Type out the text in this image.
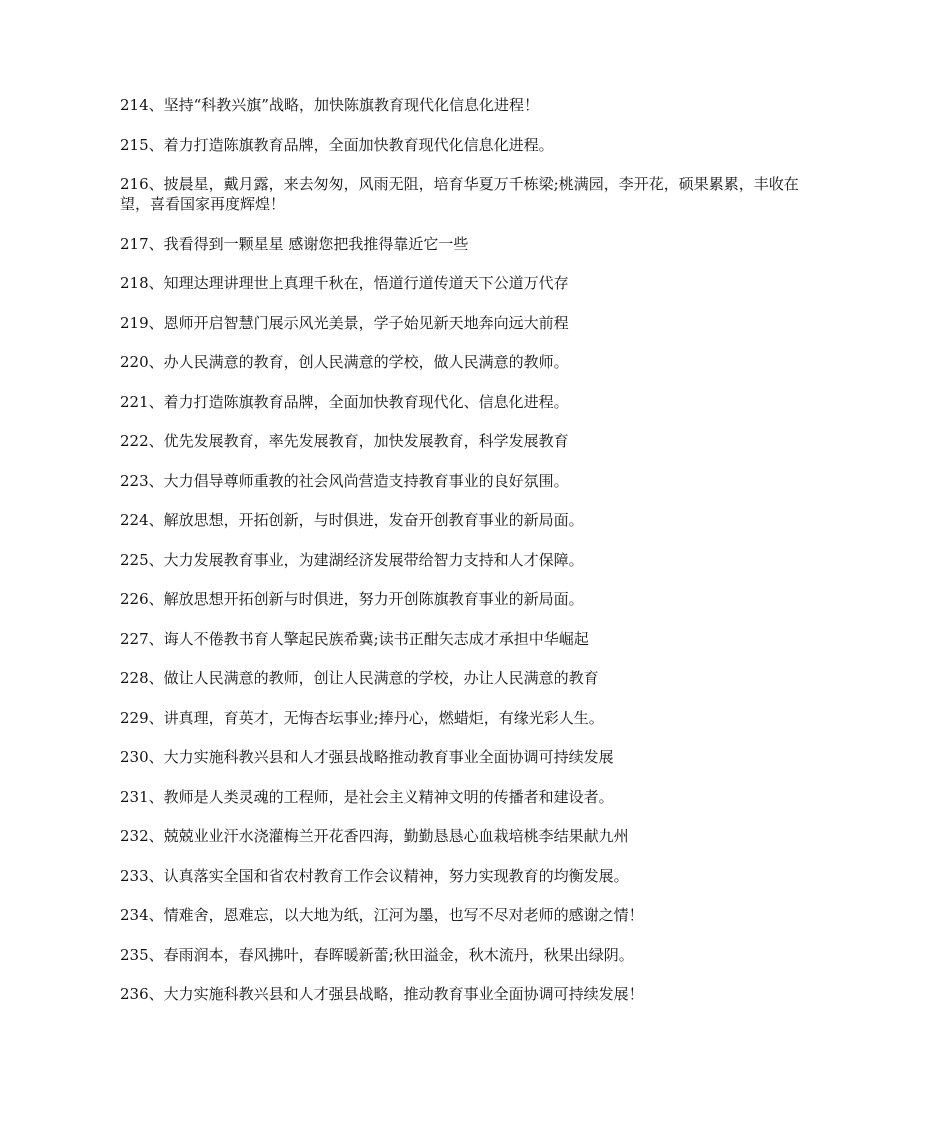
214、坚持“科教兴旗”战略，加快陈旗教育现代化信息化进程！

215、着力打造陈旗教育品牌，全面加快教育现代化信息化进程。

216、披晨星，戴月露，来去匆匆，风雨无阻，培育华夏万千栋梁;桃满园，李开花，硕果累累，丰收在望，喜看国家再度辉煌！

217、我看得到一颗星星 感谢您把我推得靠近它一些

218、知理达理讲理世上真理千秋在，悟道行道传道天下公道万代存

219、恩师开启智慧门展示风光美景，学子始见新天地奔向远大前程

220、办人民满意的教育，创人民满意的学校，做人民满意的教师。

221、着力打造陈旗教育品牌，全面加快教育现代化、信息化进程。

222、优先发展教育，率先发展教育，加快发展教育，科学发展教育

223、大力倡导尊师重教的社会风尚营造支持教育事业的良好氛围。

224、解放思想，开拓创新，与时俱进，发奋开创教育事业的新局面。

225、大力发展教育事业，为建湖经济发展带给智力支持和人才保障。

226、解放思想开拓创新与时俱进，努力开创陈旗教育事业的新局面。

227、诲人不倦教书育人擎起民族希冀;读书正酣矢志成才承担中华崛起

228、做让人民满意的教师，创让人民满意的学校，办让人民满意的教育

229、讲真理，育英才，无悔杏坛事业;捧丹心，燃蜡炬，有缘光彩人生。

230、大力实施科教兴县和人才强县战略推动教育事业全面协调可持续发展

231、教师是人类灵魂的工程师，是社会主义精神文明的传播者和建设者。

232、兢兢业业汗水浇灌梅兰开花香四海，勤勤恳恳心血栽培桃李结果献九州

233、认真落实全国和省农村教育工作会议精神，努力实现教育的均衡发展。

234、情难舍，恩难忘，以大地为纸，江河为墨，也写不尽对老师的感谢之情！

235、春雨润本，春风拂叶，春晖暖新蕾;秋田溢金，秋木流丹，秋果出绿阴。

236、大力实施科教兴县和人才强县战略，推动教育事业全面协调可持续发展！
